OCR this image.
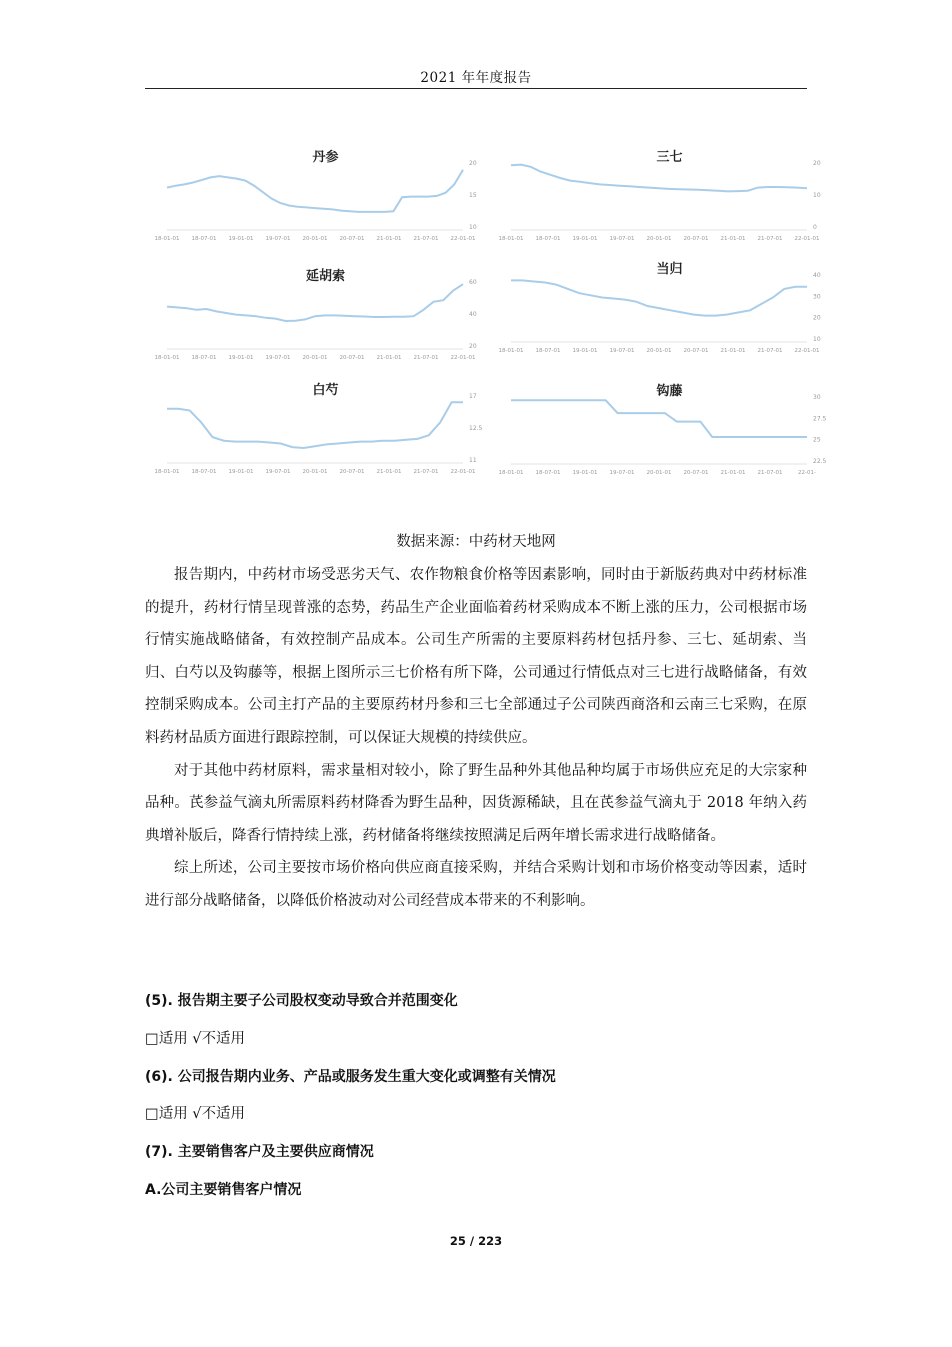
2021 年年度报告
丹参	20
15
10
18-01-01 18-07-01 19-01-01 19-07-01 20-01-01 20-07-01 21-01-01 21-07-01 22-01-01
三七	20
10
0
18-01-01 18-07-01 19-01-01 19-07-01 20-01-01 20-07-01 21-01-01 21-07-01 22-01-01
延胡索	60
40
20
18-01-01 18-07-01 19-01-01 19-07-01 20-01-01 20-07-01 21-01-01 21-07-01 22-01-01
当归	40
30
20
10
18-01-01 18-07-01 19-01-01 19-07-01 20-01-01 20-07-01 21-01-01 21-07-01 22-01-01
白芍	17
12.5
11
18-01-01 18-07-01 19-01-01 19-07-01 20-01-01 20-07-01 21-01-01 21-07-01 22-01-01
钩藤	30
27.5
25
22.5
18-01-01 18-07-01 19-01-01 19-07-01 20-01-01 20-07-01 21-01-01 21-07-01	22-01-
数据来源：中药材天地网

报告期内，中药材市场受恶劣天气、农作物粮食价格等因素影响，同时由于新版药典对中药材标准的提升，药材行情呈现普涨的态势，药品生产企业面临着药材采购成本不断上涨的压力，公司根据市场行情实施战略储备，有效控制产品成本。公司生产所需的主要原料药材包括丹参、三七、延胡索、当归、白芍以及钩藤等，根据上图所示三七价格有所下降，公司通过行情低点对三七进行战略储备，有效控制采购成本。公司主打产品的主要原药材丹参和三七全部通过子公司陕西商洛和云南三七采购，在原料药材品质方面进行跟踪控制，可以保证大规模的持续供应。

对于其他中药材原料，需求量相对较小，除了野生品种外其他品种均属于市场供应充足的大宗家种品种。芪参益气滴丸所需原料药材降香为野生品种，因货源稀缺，且在芪参益气滴丸于 2018 年纳入药典增补版后，降香行情持续上涨，药材储备将继续按照满足后两年增长需求进行战略储备。

综上所述，公司主要按市场价格向供应商直接采购，并结合采购计划和市场价格变动等因素，适时进行部分战略储备，以降低价格波动对公司经营成本带来的不利影响。

(5). 报告期主要子公司股权变动导致合并范围变化
□适用 √不适用
(6). 公司报告期内业务、产品或服务发生重大变化或调整有关情况
□适用 √不适用
(7). 主要销售客户及主要供应商情况
A.公司主要销售客户情况
25 / 223
